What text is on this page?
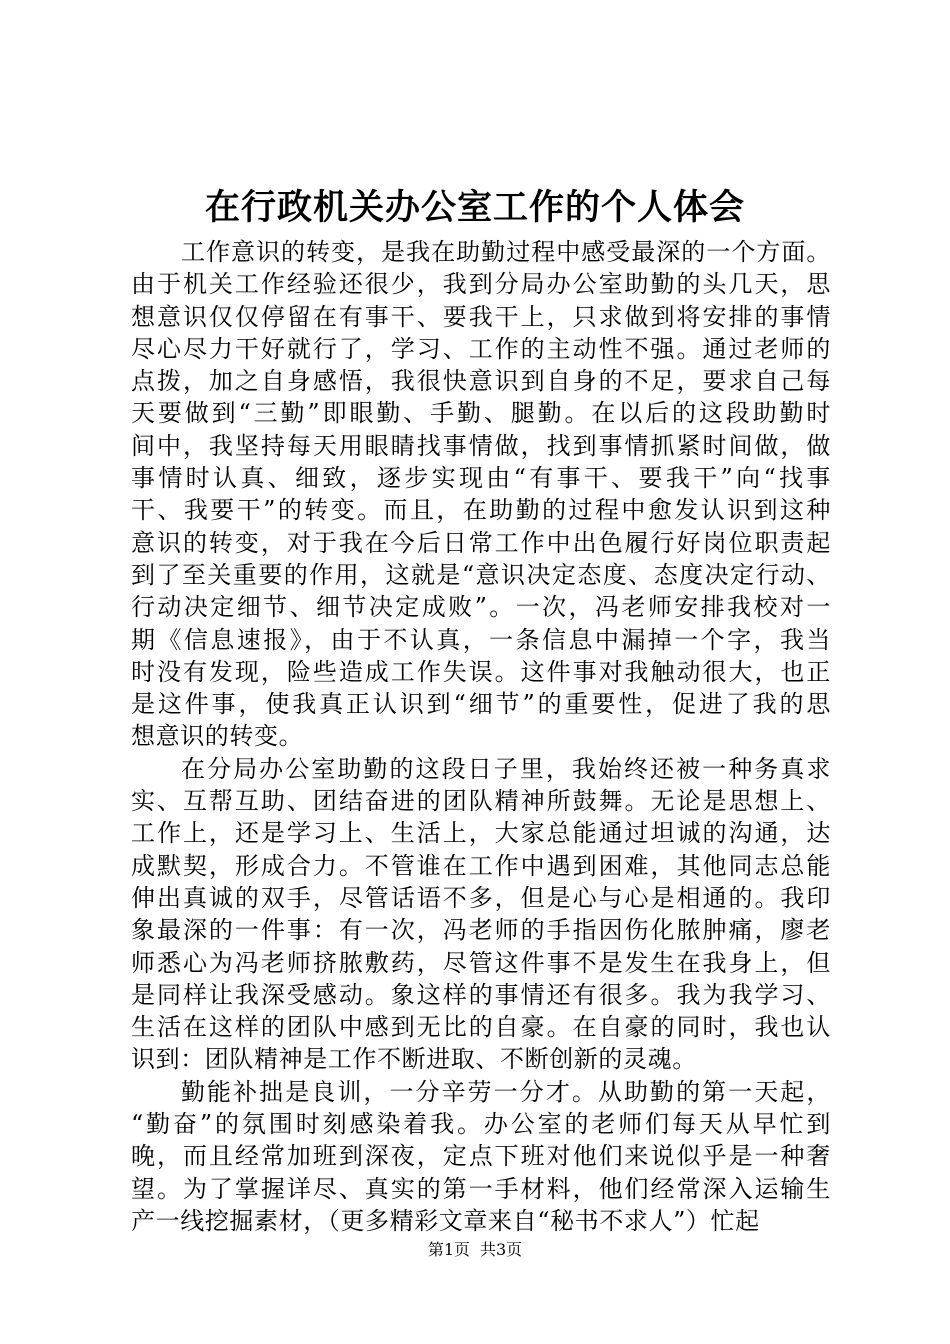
在行政机关办公室工作的个人体会
工作意识的转变，是我在助勤过程中感受最深的一个方面。
由于机关工作经验还很少，我到分局办公室助勤的头几天，思
想意识仅仅停留在有事干、要我干上，只求做到将安排的事情
尽心尽力干好就行了，学习、工作的主动性不强。通过老师的
点拨，加之自身感悟，我很快意识到自身的不足，要求自己每
天要做到“三勤”即眼勤、手勤、腿勤。在以后的这段助勤时
间中，我坚持每天用眼睛找事情做，找到事情抓紧时间做，做
事情时认真、细致，逐步实现由“有事干、要我干”向“找事
干、我要干”的转变。而且，在助勤的过程中愈发认识到这种
意识的转变，对于我在今后日常工作中出色履行好岗位职责起
到了至关重要的作用，这就是“意识决定态度、态度决定行动、
行动决定细节、细节决定成败”。一次，冯老师安排我校对一
期《信息速报》，由于不认真，一条信息中漏掉一个字，我当
时没有发现，险些造成工作失误。这件事对我触动很大，也正
是这件事，使我真正认识到“细节”的重要性，促进了我的思
想意识的转变。
在分局办公室助勤的这段日子里，我始终还被一种务真求
实、互帮互助、团结奋进的团队精神所鼓舞。无论是思想上、
工作上，还是学习上、生活上，大家总能通过坦诚的沟通，达
成默契，形成合力。不管谁在工作中遇到困难，其他同志总能
伸出真诚的双手，尽管话语不多，但是心与心是相通的。我印
象最深的一件事：有一次，冯老师的手指因伤化脓肿痛，廖老
师悉心为冯老师挤脓敷药，尽管这件事不是发生在我身上，但
是同样让我深受感动。象这样的事情还有很多。我为我学习、
生活在这样的团队中感到无比的自豪。在自豪的同时，我也认
识到：团队精神是工作不断进取、不断创新的灵魂。
勤能补拙是良训，一分辛劳一分才。从助勤的第一天起，
“勤奋”的氛围时刻感染着我。办公室的老师们每天从早忙到
晚，而且经常加班到深夜，定点下班对他们来说似乎是一种奢
望。为了掌握详尽、真实的第一手材料，他们经常深入运输生
产一线挖掘素材，（更多精彩文章来自“秘书不求人”）忙起
第1页 共3页
